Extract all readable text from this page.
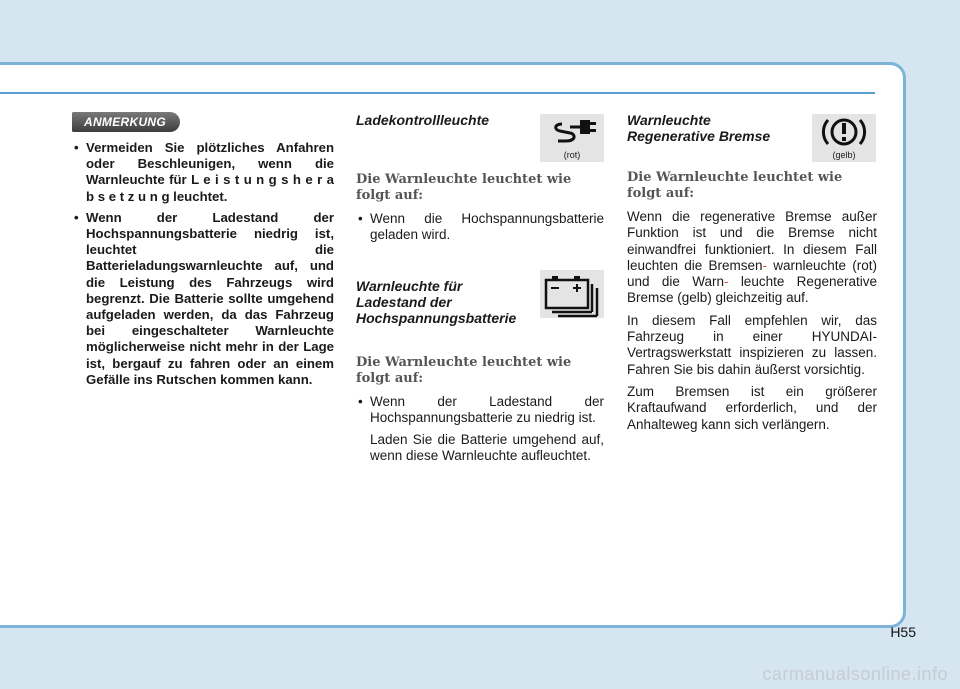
ANMERKUNG
• Vermeiden Sie plötzliches Anfahren oder Beschleunigen, wenn die Warnleuchte für L e i s t u n g s h e r a b s e t z u n g leuchtet.
• Wenn der Ladestand der Hochspannungsbatterie niedrig ist, leuchtet die Batterieladungswarnleuchte auf, und die Leistung des Fahrzeugs wird begrenzt. Die Batterie sollte umgehend aufgeladen werden, da das Fahrzeug bei eingeschalteter Warnleuchte möglicherweise nicht mehr in der Lage ist, bergauf zu fahren oder an einem Gefälle ins Rutschen kommen kann.
Ladekontrollleuchte
Die Warnleuchte leuchtet wie folgt auf:
• Wenn die Hochspannungsbatterie geladen wird.
Warnleuchte für
Ladestand der
Hochspannungsbatterie
Die Warnleuchte leuchtet wie folgt auf:
• Wenn der Ladestand der Hochspannungsbatterie zu niedrig ist.
Laden Sie die Batterie umgehend auf, wenn diese Warnleuchte aufleuchtet.
(rot)
Warnleuchte
Regenerative Bremse
Die Warnleuchte leuchtet wie folgt auf:

Wenn die regenerative Bremse außer Funktion ist und die Bremse nicht einwandfrei funktioniert. In diesem Fall leuchten die Bremsen- warnleuchte (rot) und die Warn- leuchte Regenerative Bremse (gelb) gleichzeitig auf.

In diesem Fall empfehlen wir, das Fahrzeug in einer HYUNDAI-Vertragswerkstatt inspizieren zu lassen. Fahren Sie bis dahin äußerst vorsichtig.

Zum Bremsen ist ein größerer Kraftaufwand erforderlich, und der Anhalteweg kann sich verlängern.

(gelb)
H55
carmanualsonline.info
